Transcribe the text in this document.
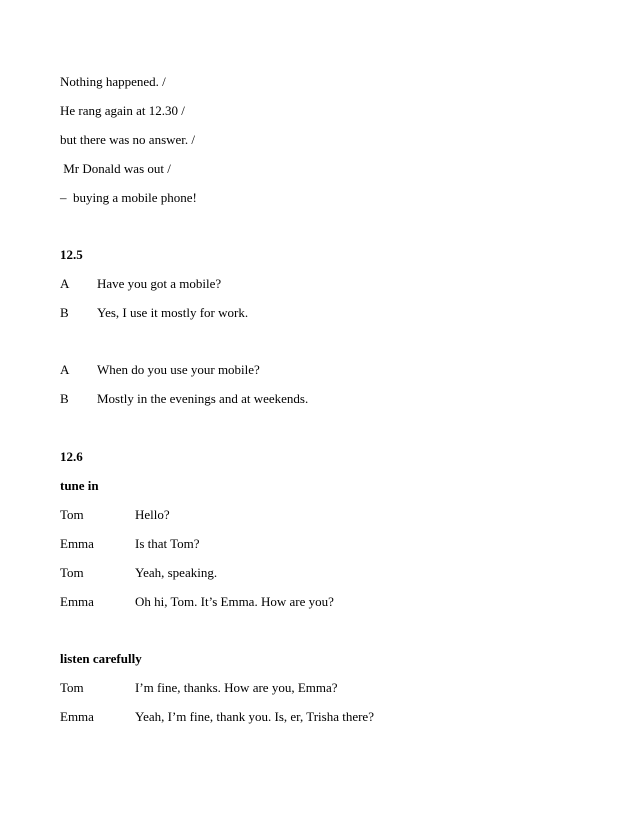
Nothing happened. /
He rang again at 12.30 /
but there was no answer. /
Mr Donald was out /
–  buying a mobile phone!
12.5
A Have you got a mobile?
B Yes, I use it mostly for work.
A When do you use your mobile?
B Mostly in the evenings and at weekends.
12.6
tune in
Tom	Hello?
Emma	Is that Tom?
Tom	Yeah, speaking.
Emma	Oh hi, Tom. It’s Emma. How are you?
listen carefully
Tom	I’m fine, thanks. How are you, Emma?
Emma	Yeah, I’m fine, thank you. Is, er, Trisha there?
